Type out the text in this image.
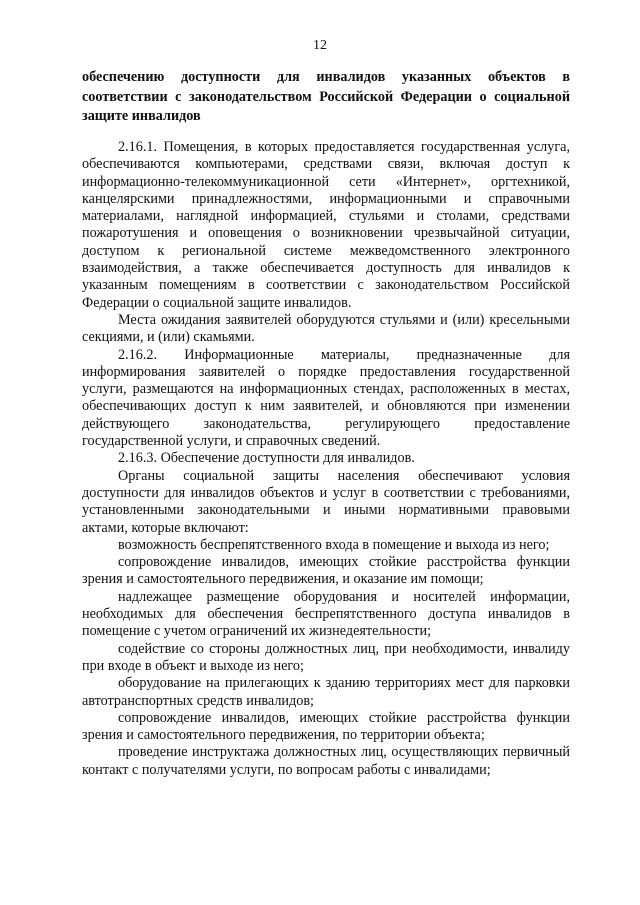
12
обеспечению доступности для инвалидов указанных объектов в соответствии с законодательством Российской Федерации о социальной защите инвалидов

2.16.1. Помещения, в которых предоставляется государственная услуга, обеспечиваются компьютерами, средствами связи, включая доступ к информационно-телекоммуникационной сети «Интернет», оргтехникой, канцелярскими принадлежностями, информационными и справочными материалами, наглядной информацией, стульями и столами, средствами пожаротушения и оповещения о возникновении чрезвычайной ситуации, доступом к региональной системе межведомственного электронного взаимодействия, а также обеспечивается доступность для инвалидов к указанным помещениям в соответствии с законодательством Российской Федерации о социальной защите инвалидов.

Места ожидания заявителей оборудуются стульями и (или) кресельными секциями, и (или) скамьями.

2.16.2. Информационные материалы, предназначенные для информирования заявителей о порядке предоставления государственной услуги, размещаются на информационных стендах, расположенных в местах, обеспечивающих доступ к ним заявителей, и обновляются при изменении действующего законодательства, регулирующего предоставление государственной услуги, и справочных сведений.

2.16.3. Обеспечение доступности для инвалидов.

Органы социальной защиты населения обеспечивают условия доступности для инвалидов объектов и услуг в соответствии с требованиями, установленными законодательными и иными нормативными правовыми актами, которые включают:

возможность беспрепятственного входа в помещение и выхода из него;

сопровождение инвалидов, имеющих стойкие расстройства функции зрения и самостоятельного передвижения, и оказание им помощи;

надлежащее размещение оборудования и носителей информации, необходимых для обеспечения беспрепятственного доступа инвалидов в помещение с учетом ограничений их жизнедеятельности;

содействие со стороны должностных лиц, при необходимости, инвалиду при входе в объект и выходе из него;

оборудование на прилегающих к зданию территориях мест для парковки автотранспортных средств инвалидов;

сопровождение инвалидов, имеющих стойкие расстройства функции зрения и самостоятельного передвижения, по территории объекта;

проведение инструктажа должностных лиц, осуществляющих первичный контакт с получателями услуги, по вопросам работы с инвалидами;
